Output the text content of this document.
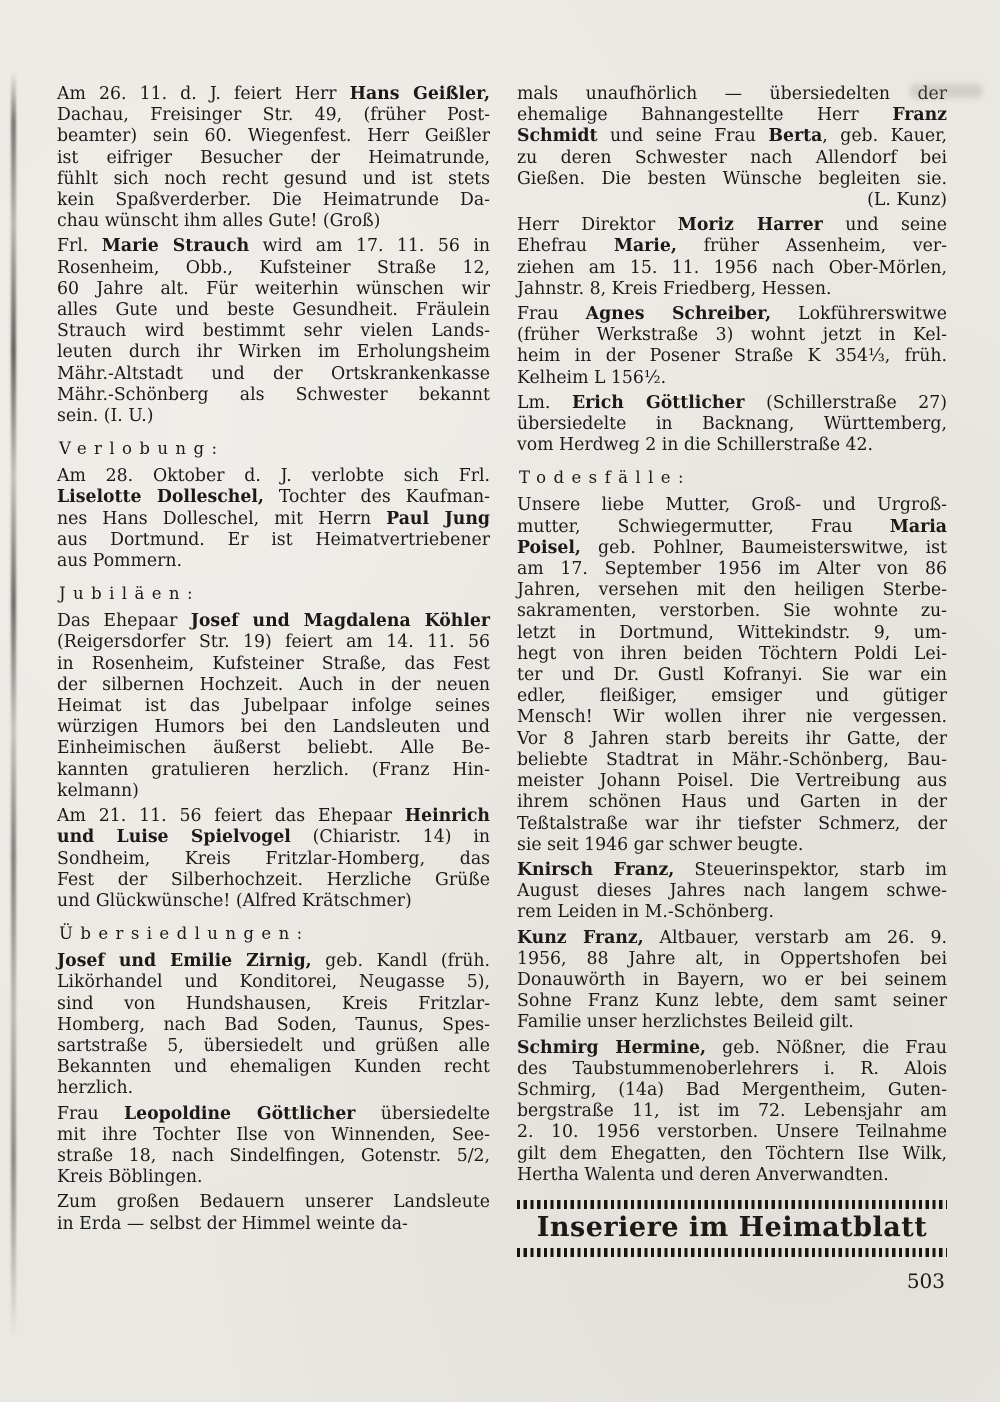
Am 26. 11. d. J. feiert Herr Hans Geißler,
Dachau, Freisinger Str. 49, (früher Post-
beamter) sein 60. Wiegenfest. Herr Geißler
ist eifriger Besucher der Heimatrunde,
fühlt sich noch recht gesund und ist stets
kein Spaßverderber. Die Heimatrunde Da-
chau wünscht ihm alles Gute! (Groß)
Frl. Marie Strauch wird am 17. 11. 56 in
Rosenheim, Obb., Kufsteiner Straße 12,
60 Jahre alt. Für weiterhin wünschen wir
alles Gute und beste Gesundheit. Fräulein
Strauch wird bestimmt sehr vielen Lands-
leuten durch ihr Wirken im Erholungsheim
Mähr.-Altstadt und der Ortskrankenkasse
Mähr.-Schönberg als Schwester bekannt
sein. (I. U.)
Verlobung:
Am 28. Oktober d. J. verlobte sich Frl.
Liselotte Dolleschel, Tochter des Kaufman-
nes Hans Dolleschel, mit Herrn Paul Jung
aus Dortmund. Er ist Heimatvertriebener
aus Pommern.
Jubiläen:
Das Ehepaar Josef und Magdalena Köhler
(Reigersdorfer Str. 19) feiert am 14. 11. 56
in Rosenheim, Kufsteiner Straße, das Fest
der silbernen Hochzeit. Auch in der neuen
Heimat ist das Jubelpaar infolge seines
würzigen Humors bei den Landsleuten und
Einheimischen äußerst beliebt. Alle Be-
kannten gratulieren herzlich. (Franz Hin-
kelmann)
Am 21. 11. 56 feiert das Ehepaar Heinrich
und Luise Spielvogel (Chiaristr. 14) in
Sondheim, Kreis Fritzlar-Homberg, das
Fest der Silberhochzeit. Herzliche Grüße
und Glückwünsche! (Alfred Krätschmer)
Übersiedlungen:
Josef und Emilie Zirnig, geb. Kandl (früh.
Likörhandel und Konditorei, Neugasse 5),
sind von Hundshausen, Kreis Fritzlar-
Homberg, nach Bad Soden, Taunus, Spes-
sartstraße 5, übersiedelt und grüßen alle
Bekannten und ehemaligen Kunden recht
herzlich.
Frau Leopoldine Göttlicher übersiedelte
mit ihre Tochter Ilse von Winnenden, See-
straße 18, nach Sindelfingen, Gotenstr. 5/2,
Kreis Böblingen.
Zum großen Bedauern unserer Landsleute
in Erda — selbst der Himmel weinte da-
mals unaufhörlich — übersiedelten der
ehemalige Bahnangestellte Herr Franz
Schmidt und seine Frau Berta, geb. Kauer,
zu deren Schwester nach Allendorf bei
Gießen. Die besten Wünsche begleiten sie.
(L. Kunz)
Herr Direktor Moriz Harrer und seine
Ehefrau Marie, früher Assenheim, ver-
ziehen am 15. 11. 1956 nach Ober-Mörlen,
Jahnstr. 8, Kreis Friedberg, Hessen.
Frau Agnes Schreiber, Lokführerswitwe
(früher Werkstraße 3) wohnt jetzt in Kel-
heim in der Posener Straße K 354⅓, früh.
Kelheim L 156½.
Lm. Erich Göttlicher (Schillerstraße 27)
übersiedelte in Backnang, Württemberg,
vom Herdweg 2 in die Schillerstraße 42.
Todesfälle:
Unsere liebe Mutter, Groß- und Urgroß-
mutter, Schwiegermutter, Frau Maria
Poisel, geb. Pohlner, Baumeisterswitwe, ist
am 17. September 1956 im Alter von 86
Jahren, versehen mit den heiligen Sterbe-
sakramenten, verstorben. Sie wohnte zu-
letzt in Dortmund, Wittekindstr. 9, um-
hegt von ihren beiden Töchtern Poldi Lei-
ter und Dr. Gustl Kofranyi. Sie war ein
edler, fleißiger, emsiger und gütiger
Mensch! Wir wollen ihrer nie vergessen.
Vor 8 Jahren starb bereits ihr Gatte, der
beliebte Stadtrat in Mähr.-Schönberg, Bau-
meister Johann Poisel. Die Vertreibung aus
ihrem schönen Haus und Garten in der
Teßtalstraße war ihr tiefster Schmerz, der
sie seit 1946 gar schwer beugte.
Knirsch Franz, Steuerinspektor, starb im
August dieses Jahres nach langem schwe-
rem Leiden in M.-Schönberg.
Kunz Franz, Altbauer, verstarb am 26. 9.
1956, 88 Jahre alt, in Oppertshofen bei
Donauwörth in Bayern, wo er bei seinem
Sohne Franz Kunz lebte, dem samt seiner
Familie unser herzlichstes Beileid gilt.
Schmirg Hermine, geb. Nößner, die Frau
des Taubstummenoberlehrers i. R. Alois
Schmirg, (14a) Bad Mergentheim, Guten-
bergstraße 11, ist im 72. Lebensjahr am
2. 10. 1956 verstorben. Unsere Teilnahme
gilt dem Ehegatten, den Töchtern Ilse Wilk,
Hertha Walenta und deren Anverwandten.
Inseriere im Heimatblatt
503
